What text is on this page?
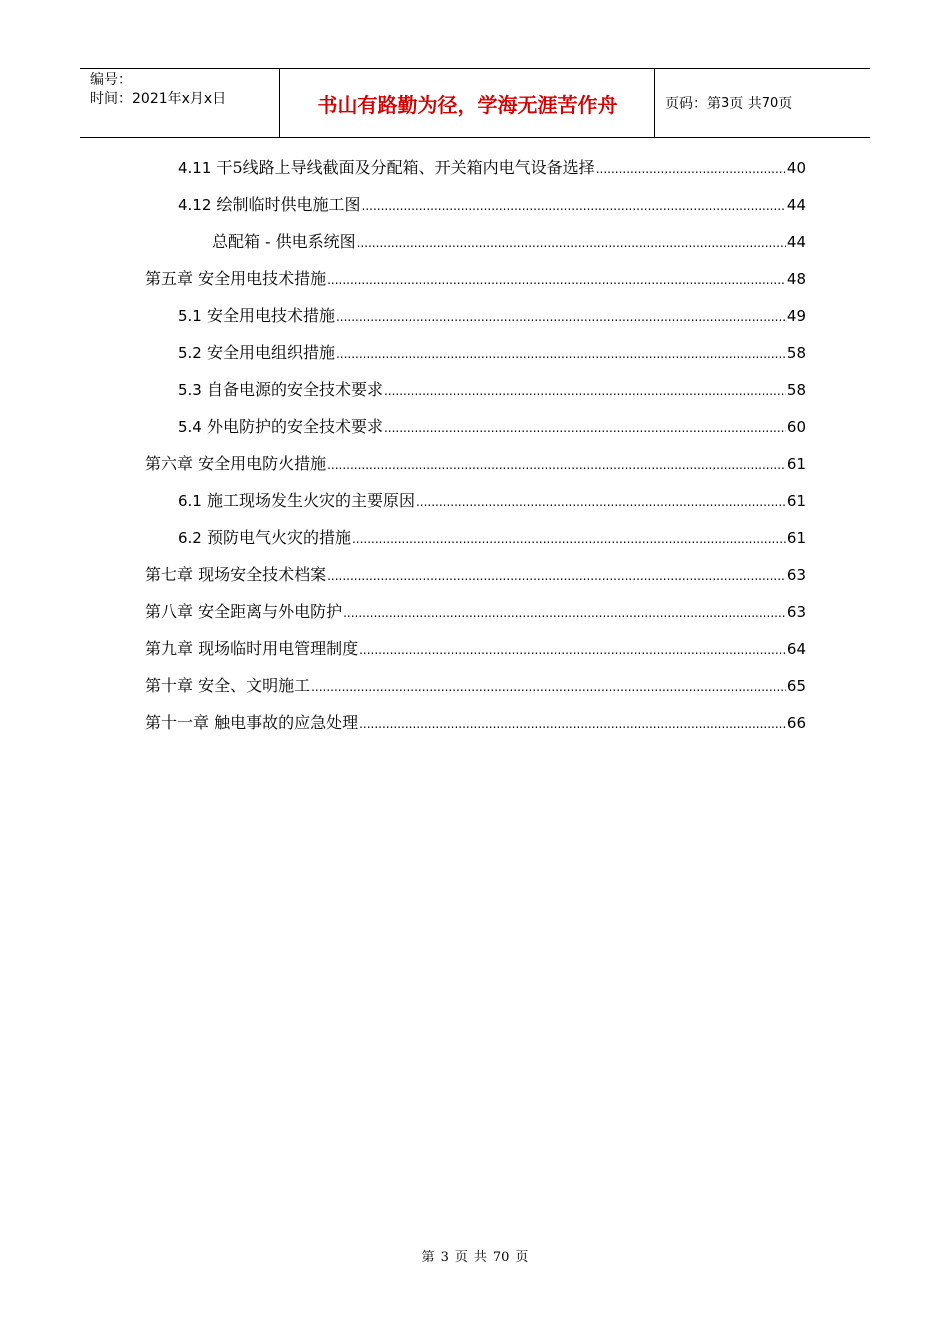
编号：
时间：2021年x月x日	书山有路勤为径，学海无涯苦作舟	页码：第 3 页 共 70 页
4.11 干5线路上导线截面及分配箱、开关箱内电气设备选择 .....	40
4.12 绘制临时供电施工图 .....	44
总配箱 - 供电系统图 .....	44
第五章 安全用电技术措施 .....	48
5.1 安全用电技术措施 .....	49
5.2 安全用电组织措施 .....	58
5.3 自备电源的安全技术要求 .....	58
5.4 外电防护的安全技术要求 .....	60
第六章 安全用电防火措施 .....	61
6.1 施工现场发生火灾的主要原因 .....	61
6.2 预防电气火灾的措施 .....	61
第七章 现场安全技术档案 .....	63
第八章 安全距离与外电防护 .....	63
第九章 现场临时用电管理制度 .....	64
第十章 安全、文明施工 .....	65
第十一章 触电事故的应急处理 .....	66
第 3 页 共 70 页
